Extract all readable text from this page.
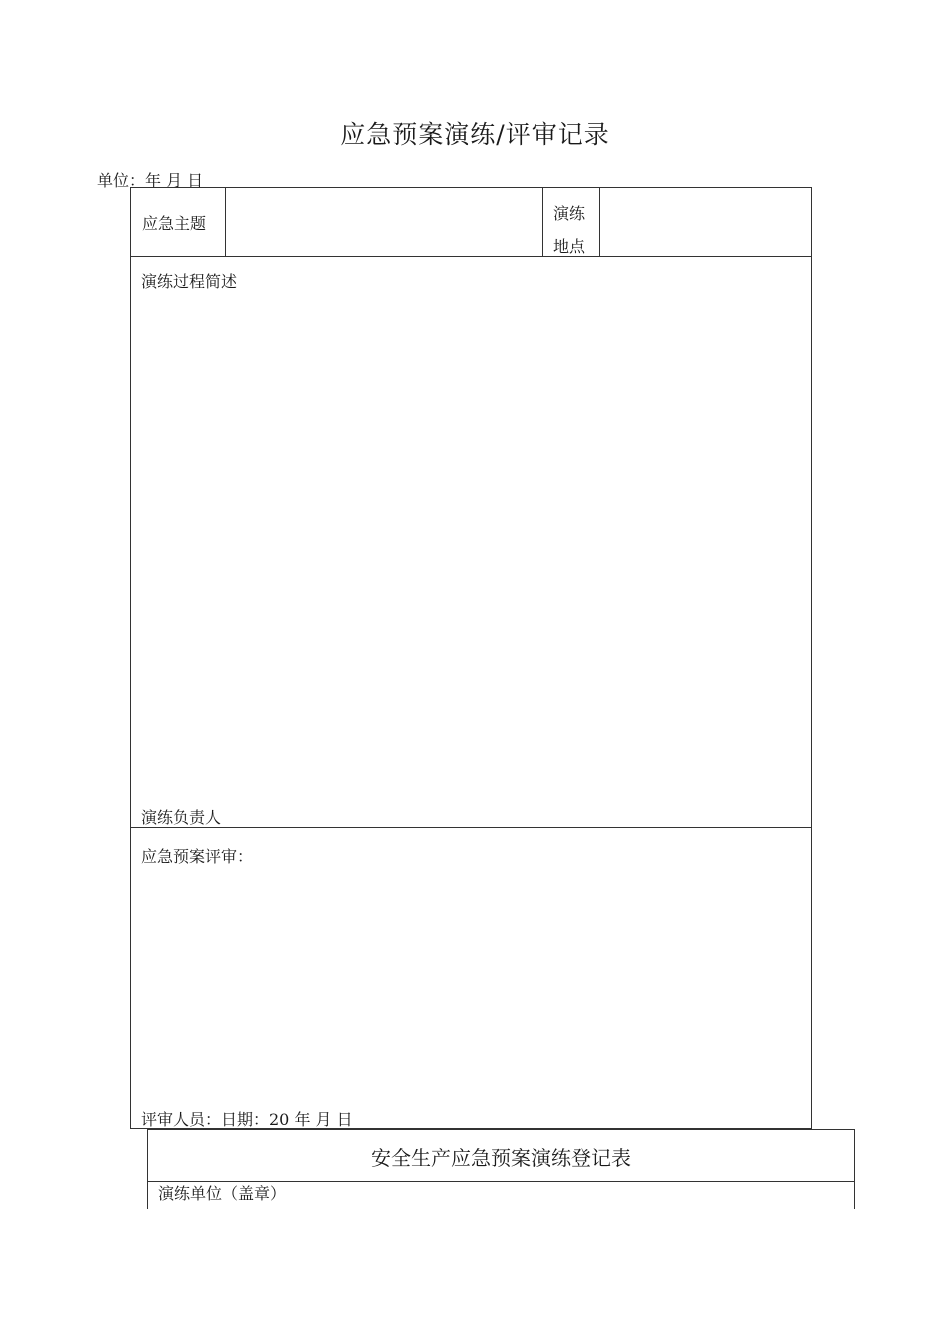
应急预案演练/评审记录
单位：年 月 日
应急主题
演练
地点
演练过程简述
演练负责人
应急预案评审：
评审人员：日期：20 年 月 日
安全生产应急预案演练登记表
演练单位（盖章）
